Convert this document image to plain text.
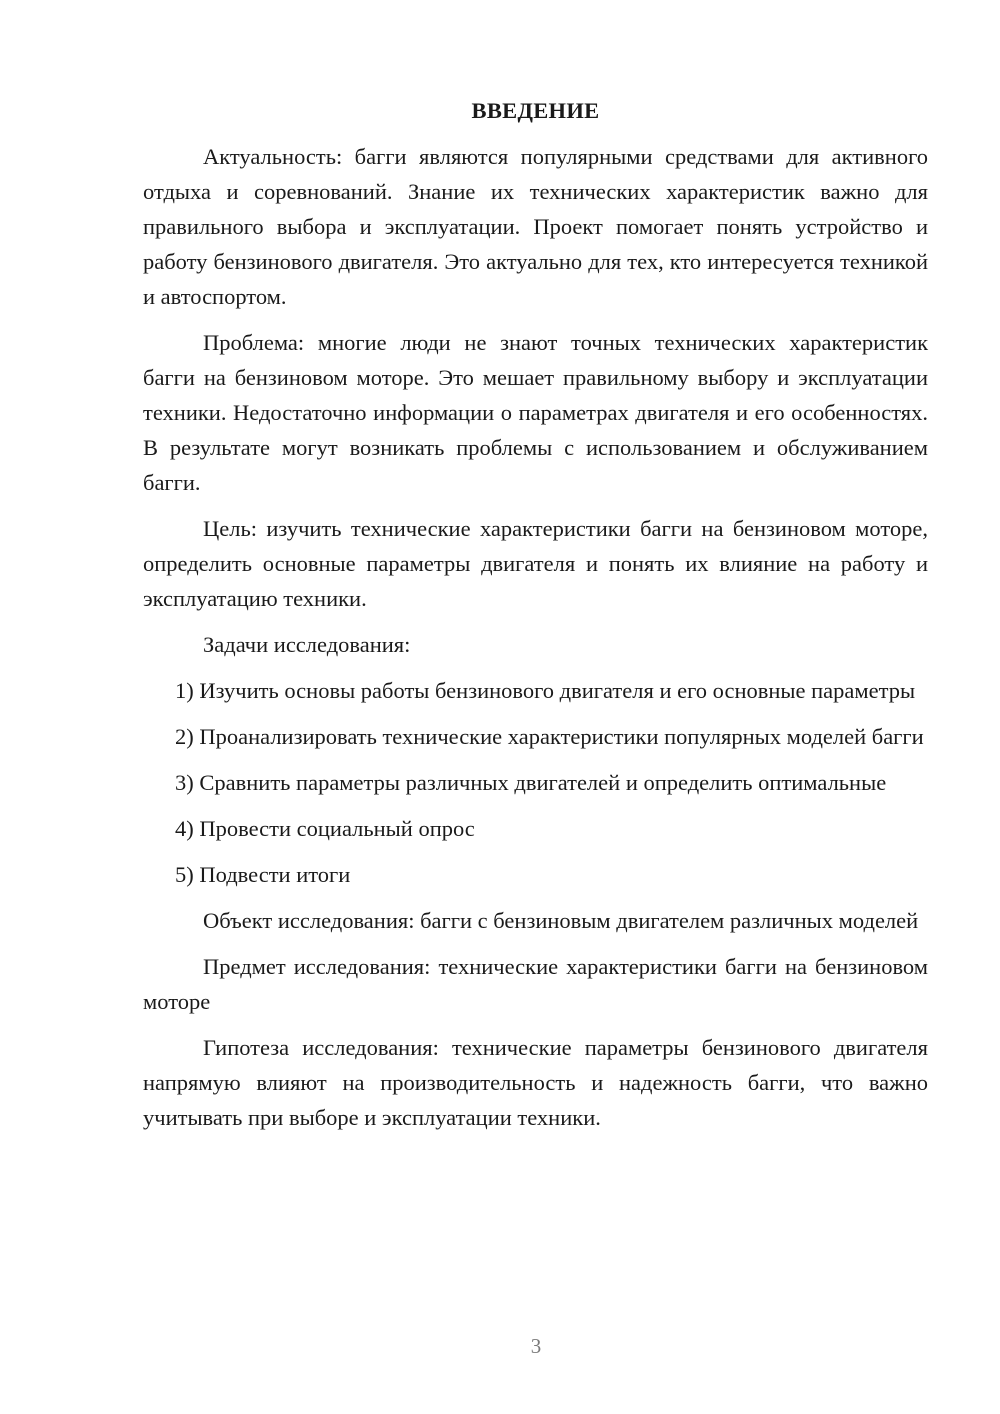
ВВЕДЕНИЕ

Актуальность: багги являются популярными средствами для активного отдыха и соревнований. Знание их технических характеристик важно для правильного выбора и эксплуатации. Проект помогает понять устройство и работу бензинового двигателя. Это актуально для тех, кто интересуется техникой и автоспортом.

Проблема: многие люди не знают точных технических характеристик багги на бензиновом моторе. Это мешает правильному выбору и эксплуатации техники. Недостаточно информации о параметрах двигателя и его особенностях. В результате могут возникать проблемы с использованием и обслуживанием багги.

Цель: изучить технические характеристики багги на бензиновом моторе, определить основные параметры двигателя и понять их влияние на работу и эксплуатацию техники.

Задачи исследования:

1) Изучить основы работы бензинового двигателя и его основные параметры
2) Проанализировать технические характеристики популярных моделей багги
3) Сравнить параметры различных двигателей и определить оптимальные
4) Провести социальный опрос
5) Подвести итоги

Объект исследования: багги с бензиновым двигателем различных моделей

Предмет исследования: технические характеристики багги на бензиновом моторе

Гипотеза исследования: технические параметры бензинового двигателя напрямую влияют на производительность и надежность багги, что важно учитывать при выборе и эксплуатации техники.

3
